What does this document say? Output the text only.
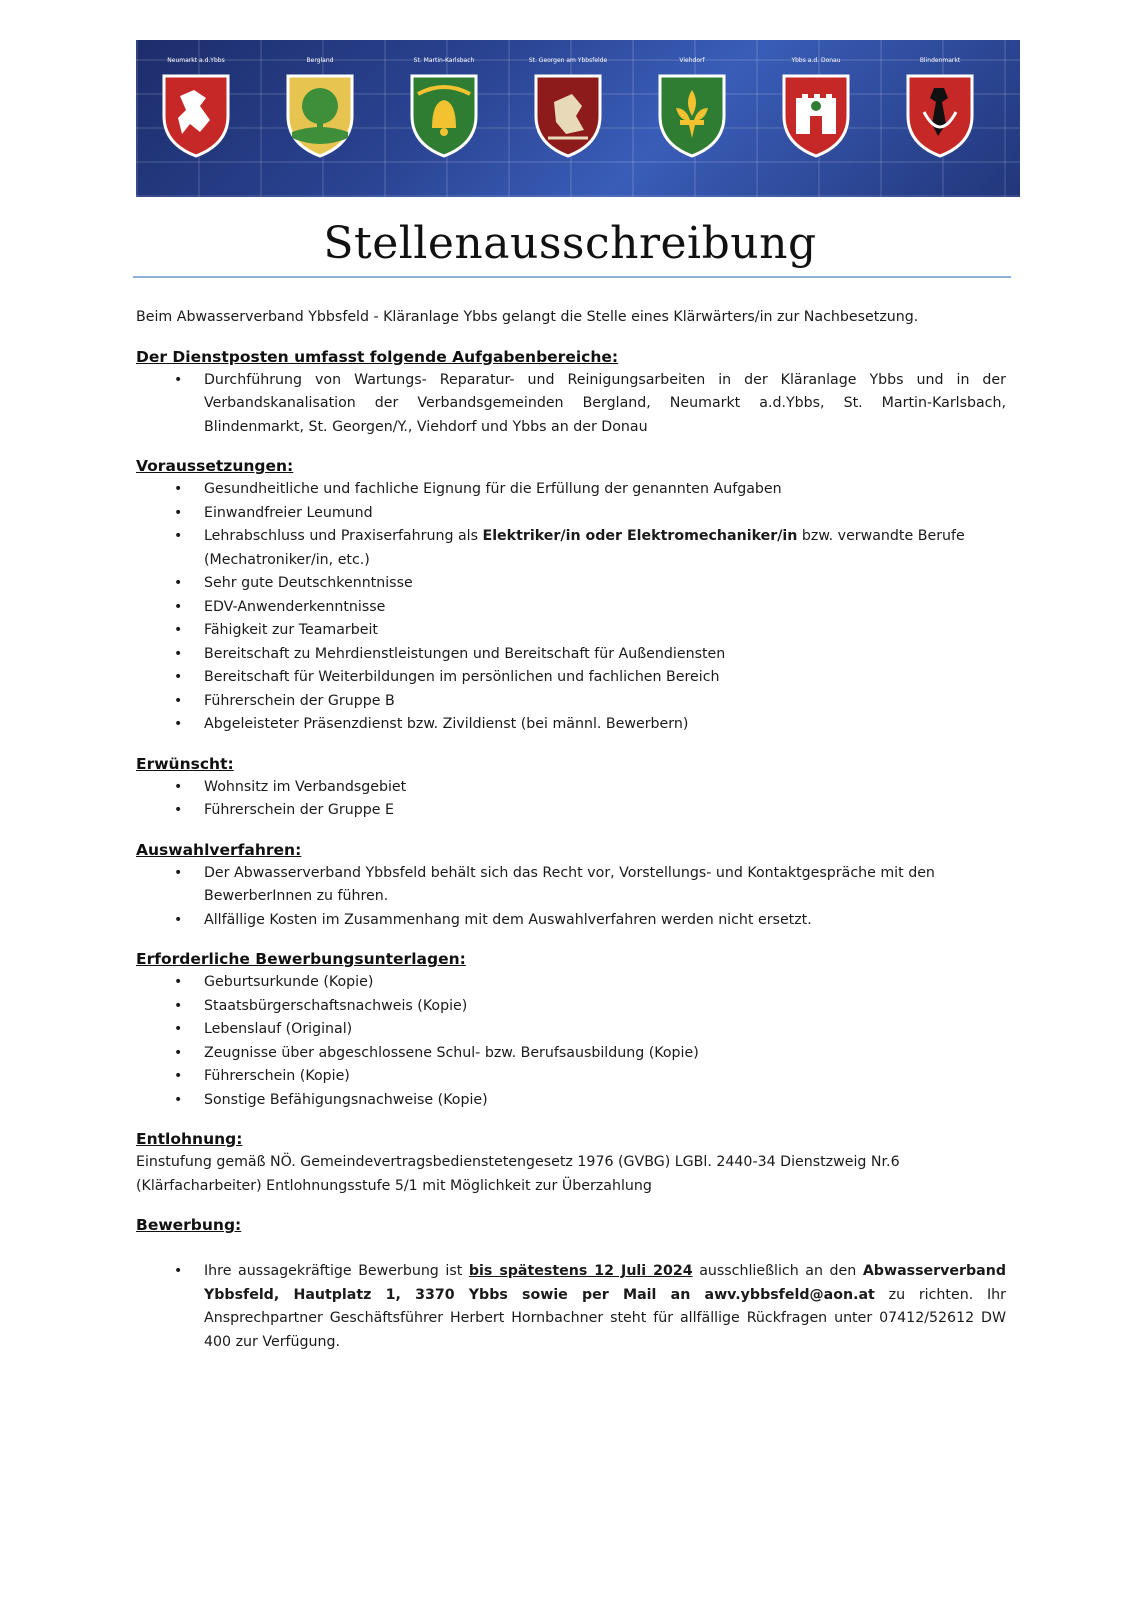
Neumarkt a.d.Ybbs	Bergland	St. Martin-Karlsbach	St. Georgen am Ybbsfelde	Viehdorf	Ybbs a.d. Donau	Blindenmarkt
Stellenausschreibung

Beim Abwasserverband Ybbsfeld - Kläranlage Ybbs gelangt die Stelle eines Klärwärters/in zur Nachbesetzung.

Der Dienstposten umfasst folgende Aufgabenbereiche:
• Durchführung von Wartungs- Reparatur- und Reinigungsarbeiten in der Kläranlage Ybbs und in der Verbandskanalisation der Verbandsgemeinden Bergland, Neumarkt a.d.Ybbs, St. Martin-Karlsbach, Blindenmarkt, St. Georgen/Y., Viehdorf und Ybbs an der Donau
Voraussetzungen:
• Gesundheitliche und fachliche Eignung für die Erfüllung der genannten Aufgaben
• Einwandfreier Leumund
• Lehrabschluss und Praxiserfahrung als Elektriker/in oder Elektromechaniker/in bzw. verwandte Berufe (Mechatroniker/in, etc.)
• Sehr gute Deutschkenntnisse
• EDV-Anwenderkenntnisse
• Fähigkeit zur Teamarbeit
• Bereitschaft zu Mehrdienstleistungen und Bereitschaft für Außendiensten
• Bereitschaft für Weiterbildungen im persönlichen und fachlichen Bereich
• Führerschein der Gruppe B
• Abgeleisteter Präsenzdienst bzw. Zivildienst (bei männl. Bewerbern)
Erwünscht:
• Wohnsitz im Verbandsgebiet
• Führerschein der Gruppe E
Auswahlverfahren:
• Der Abwasserverband Ybbsfeld behält sich das Recht vor, Vorstellungs- und Kontaktgespräche mit den BewerberInnen zu führen.
• Allfällige Kosten im Zusammenhang mit dem Auswahlverfahren werden nicht ersetzt.
Erforderliche Bewerbungsunterlagen:
• Geburtsurkunde (Kopie)
• Staatsbürgerschaftsnachweis (Kopie)
• Lebenslauf (Original)
• Zeugnisse über abgeschlossene Schul- bzw. Berufsausbildung (Kopie)
• Führerschein (Kopie)
• Sonstige Befähigungsnachweise (Kopie)
Entlohnung:

Einstufung gemäß NÖ. Gemeindevertragsbedienstetengesetz 1976 (GVBG) LGBl. 2440-34 Dienstzweig Nr.6 (Klärfacharbeiter) Entlohnungsstufe 5/1 mit Möglichkeit zur Überzahlung

Bewerbung:
• Ihre aussagekräftige Bewerbung ist bis spätestens 12 Juli 2024 ausschließlich an den Abwasserverband Ybbsfeld, Hautplatz 1, 3370 Ybbs sowie per Mail an awv.ybbsfeld@aon.at zu richten. Ihr Ansprechpartner Geschäftsführer Herbert Hornbachner steht für allfällige Rückfragen unter 07412/52612 DW 400 zur Verfügung.
